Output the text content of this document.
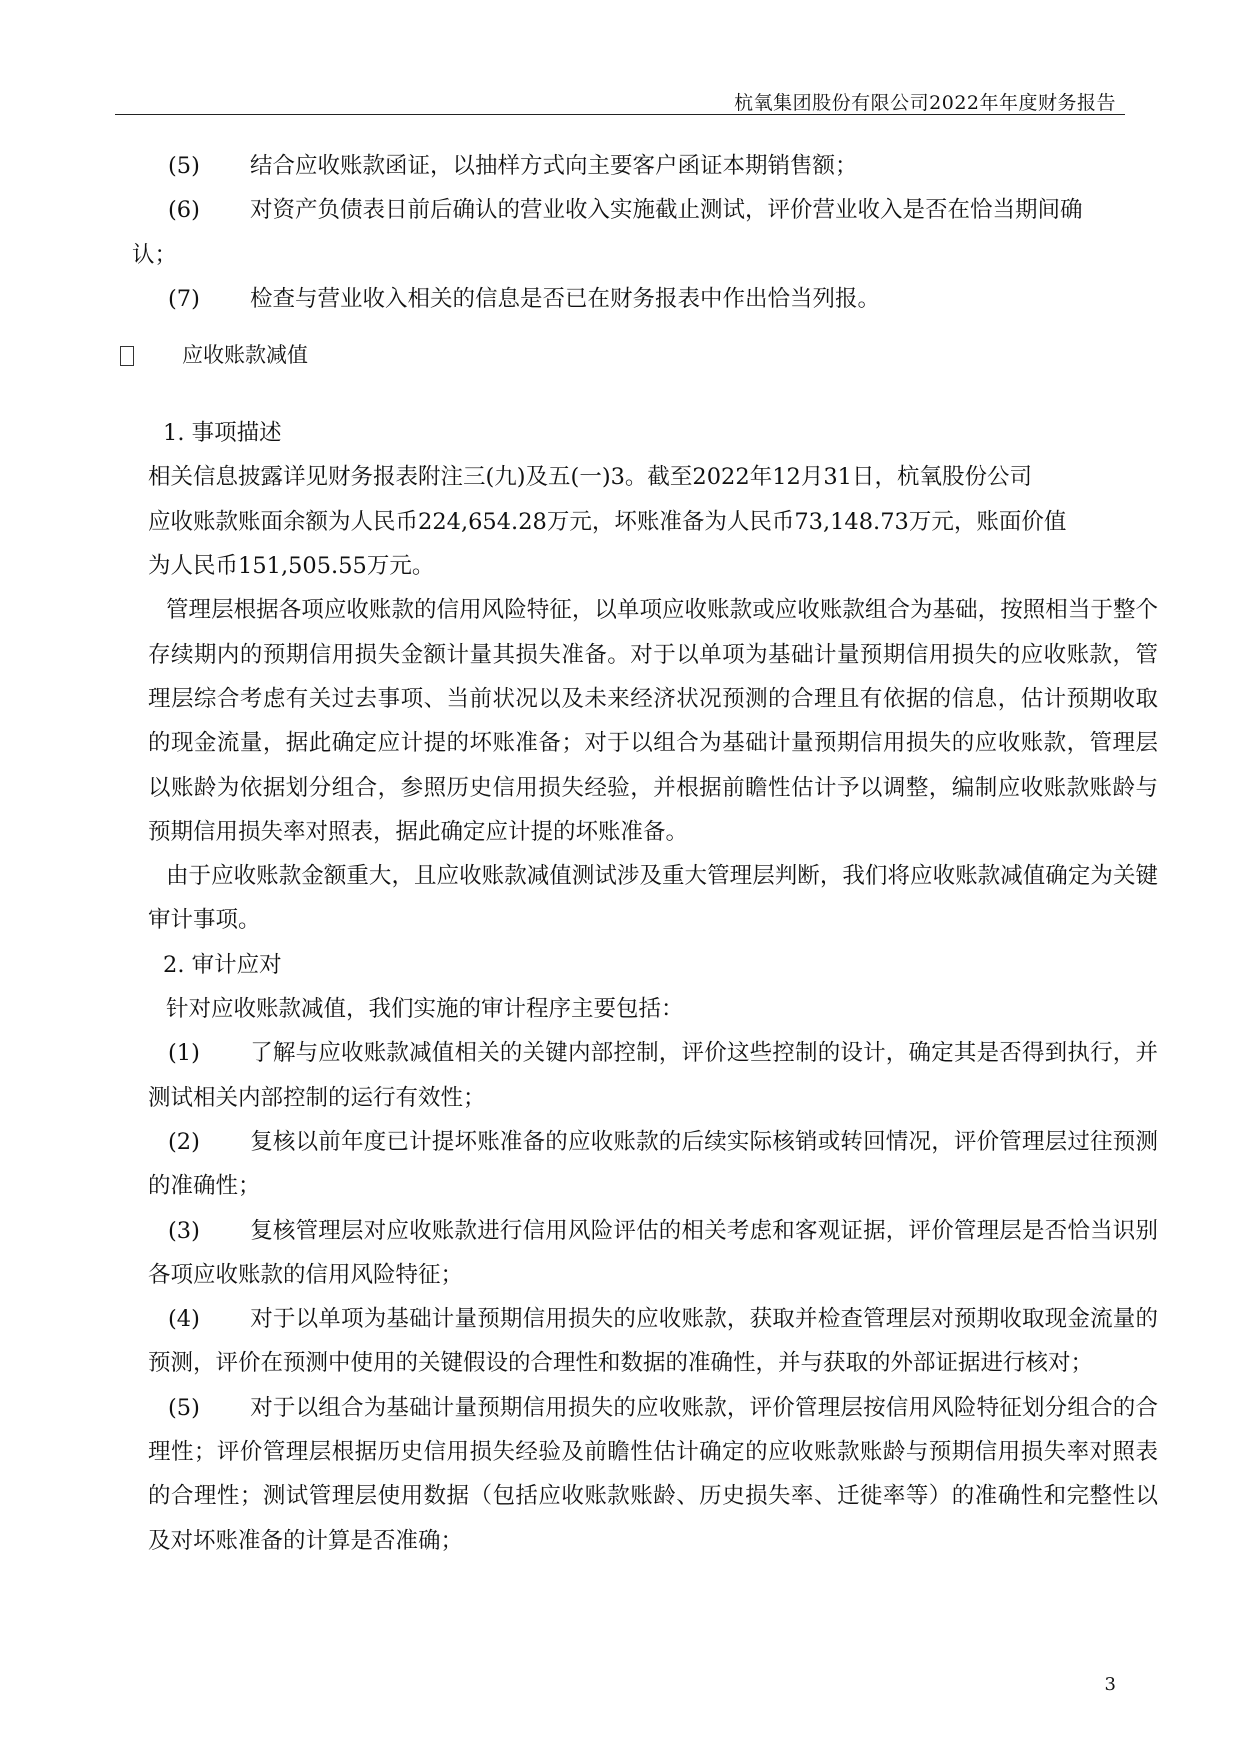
杭氧集团股份有限公司2022年年度财务报告

(5) 结合应收账款函证，以抽样方式向主要客户函证本期销售额；

(6) 对资产负债表日前后确认的营业收入实施截止测试，评价营业收入是否在恰当期间确

认；

(7) 检查与营业收入相关的信息是否已在财务报表中作出恰当列报。

应收账款减值

1. 事项描述

相关信息披露详见财务报表附注三(九)及五(一)3。截至2022年12月31日，杭氧股份公司

应收账款账面余额为人民币224,654.28万元，坏账准备为人民币73,148.73万元，账面价值

为人民币151,505.55万元。

管理层根据各项应收账款的信用风险特征，以单项应收账款或应收账款组合为基础，按照相当于整个存续期内的预期信用损失金额计量其损失准备。对于以单项为基础计量预期信用损失的应收账款，管理层综合考虑有关过去事项、当前状况以及未来经济状况预测的合理且有依据的信息，估计预期收取的现金流量，据此确定应计提的坏账准备；对于以组合为基础计量预期信用损失的应收账款，管理层以账龄为依据划分组合，参照历史信用损失经验，并根据前瞻性估计予以调整，编制应收账款账龄与预期信用损失率对照表，据此确定应计提的坏账准备。

由于应收账款金额重大，且应收账款减值测试涉及重大管理层判断，我们将应收账款减值确定为关键审计事项。

2. 审计应对

针对应收账款减值，我们实施的审计程序主要包括：

(1) 了解与应收账款减值相关的关键内部控制，评价这些控制的设计，确定其是否得到执行，并测试相关内部控制的运行有效性；

(2) 复核以前年度已计提坏账准备的应收账款的后续实际核销或转回情况，评价管理层过往预测的准确性；

(3) 复核管理层对应收账款进行信用风险评估的相关考虑和客观证据，评价管理层是否恰当识别各项应收账款的信用风险特征；

(4) 对于以单项为基础计量预期信用损失的应收账款，获取并检查管理层对预期收取现金流量的预测，评价在预测中使用的关键假设的合理性和数据的准确性，并与获取的外部证据进行核对；

(5) 对于以组合为基础计量预期信用损失的应收账款，评价管理层按信用风险特征划分组合的合理性；评价管理层根据历史信用损失经验及前瞻性估计确定的应收账款账龄与预期信用损失率对照表的合理性；测试管理层使用数据（包括应收账款账龄、历史损失率、迁徙率等）的准确性和完整性以及对坏账准备的计算是否准确；

3
